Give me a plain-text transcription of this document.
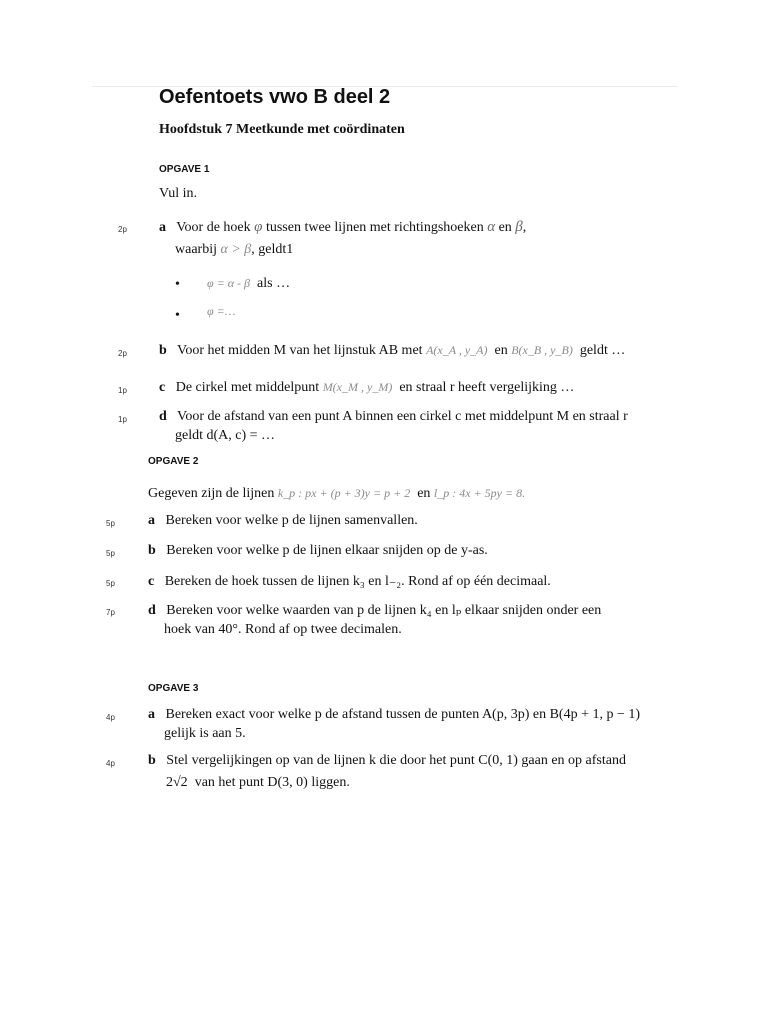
Oefentoets vwo B deel 2
Hoofdstuk 7 Meetkunde met coördinaten
OPGAVE 1
Vul in.
2p a Voor de hoek φ tussen twee lijnen met richtingshoeken α en β,
waarbij α > β, geldt1
• φ = α - β als …
• φ =…
2p b Voor het midden M van het lijnstuk AB met A(x_A , y_A) en B(x_B , y_B) geldt …
1p c De cirkel met middelpunt M(x_M , y_M) en straal r heeft vergelijking …
1p d Voor de afstand van een punt A binnen een cirkel c met middelpunt M en straal r
geldt d(A, c) = …
OPGAVE 2
Gegeven zijn de lijnen k_p : px + (p + 3)y = p + 2 en l_p : 4x + 5py = 8.
5p a Bereken voor welke p de lijnen samenvallen.
5p b Bereken voor welke p de lijnen elkaar snijden op de y-as.
5p c Bereken de hoek tussen de lijnen k₃ en l₋₂. Rond af op één decimaal.
7p d Bereken voor welke waarden van p de lijnen k₄ en lₚ elkaar snijden onder een
hoek van 40°. Rond af op twee decimalen.
OPGAVE 3
4p a Bereken exact voor welke p de afstand tussen de punten A(p, 3p) en B(4p + 1, p − 1)
gelijk is aan 5.
4p b Stel vergelijkingen op van de lijnen k die door het punt C(0, 1) gaan en op afstand
2√2 van het punt D(3, 0) liggen.
